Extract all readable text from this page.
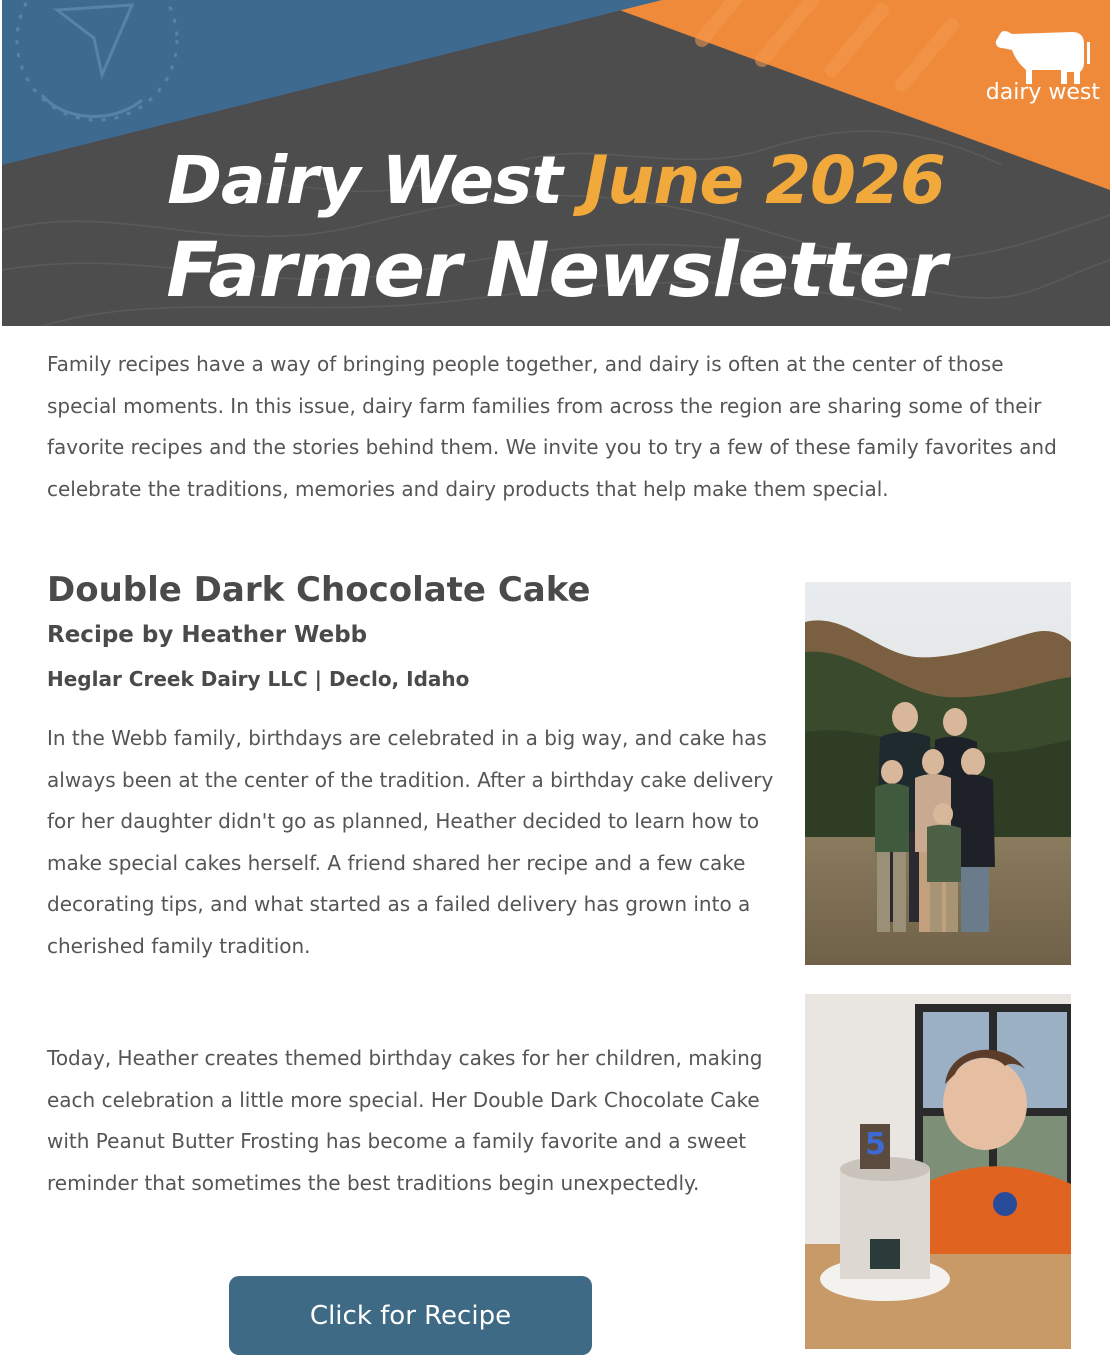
Dairy West June 2026
Farmer Newsletter
dairy west

Family recipes have a way of bringing people together, and dairy is often at the center of those special moments. In this issue, dairy farm families from across the region are sharing some of their favorite recipes and the stories behind them. We invite you to try a few of these family favorites and celebrate the traditions, memories and dairy products that help make them special.

Double Dark Chocolate Cake
Recipe by Heather Webb
Heglar Creek Dairy LLC | Declo, Idaho

In the Webb family, birthdays are celebrated in a big way, and cake has always been at the center of the tradition. After a birthday cake delivery for her daughter didn't go as planned, Heather decided to learn how to make special cakes herself. A friend shared her recipe and a few cake decorating tips, and what started as a failed delivery has grown into a cherished family tradition.

Today, Heather creates themed birthday cakes for her children, making each celebration a little more special. Her Double Dark Chocolate Cake with Peanut Butter Frosting has become a family favorite and a sweet reminder that sometimes the best traditions begin unexpectedly.

Click for Recipe
5
